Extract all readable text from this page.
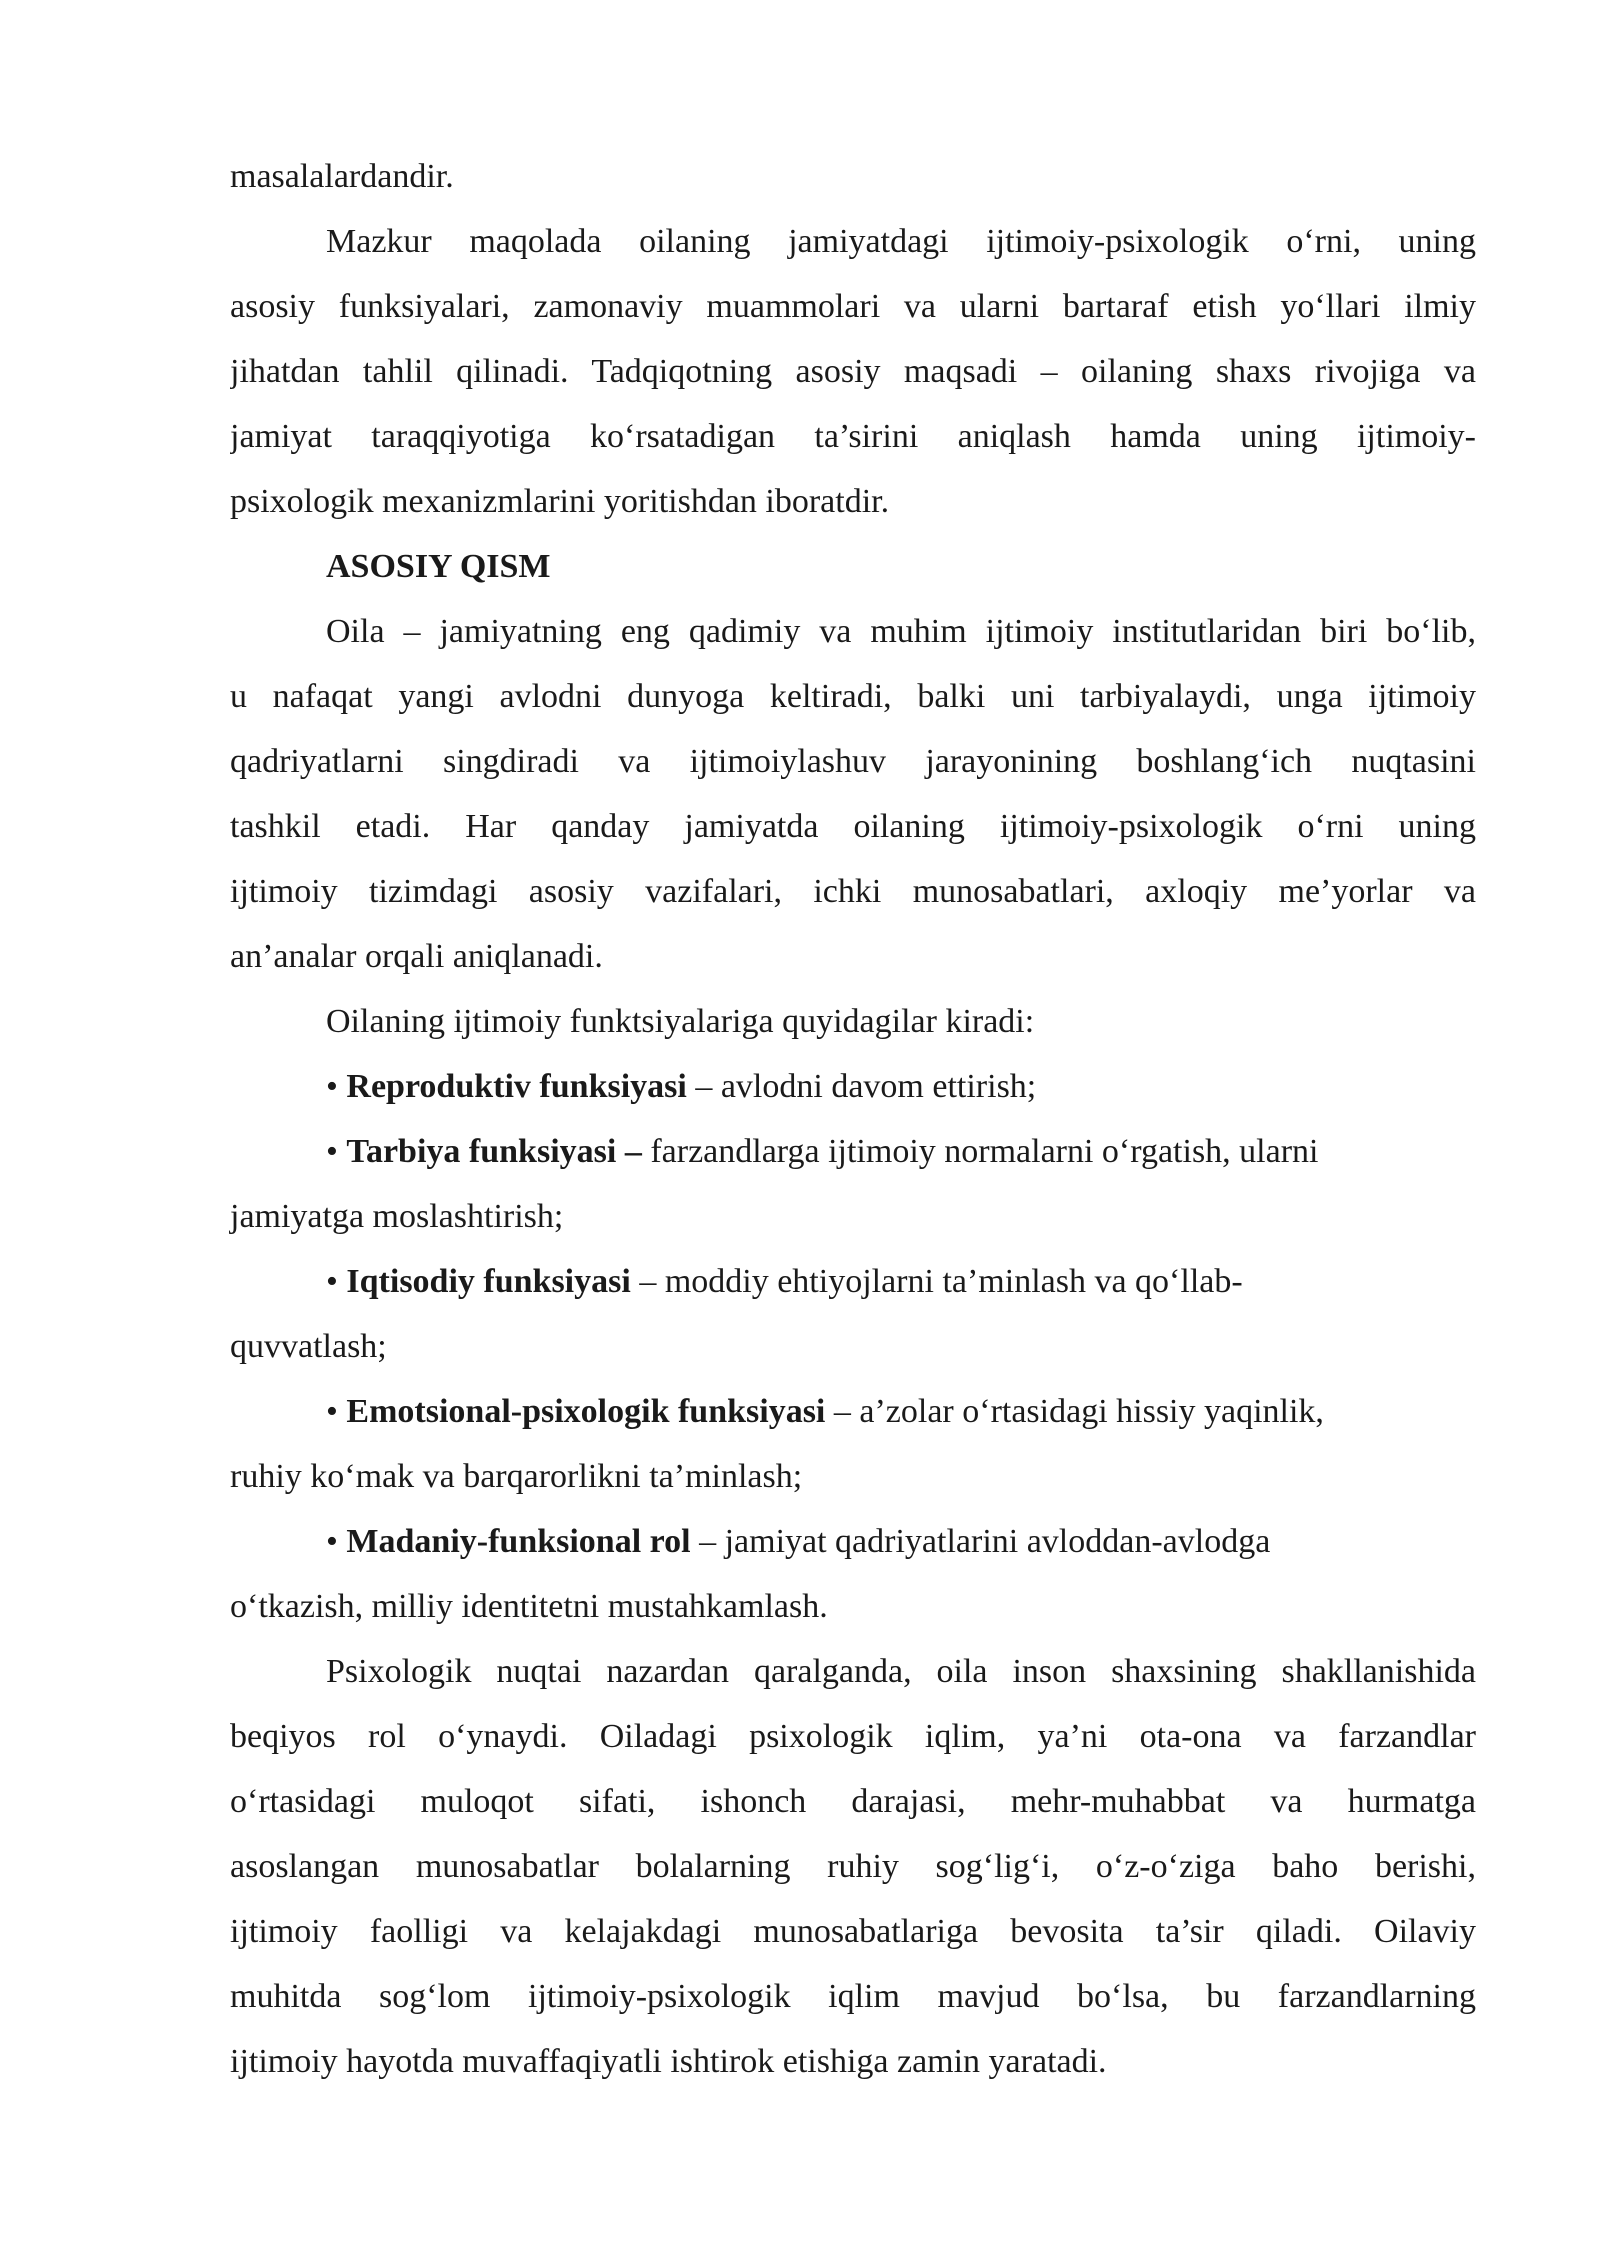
masalalardandir.
Mazkur maqolada oilaning jamiyatdagi ijtimoiy-psixologik o‘rni, uning
asosiy funksiyalari, zamonaviy muammolari va ularni bartaraf etish yo‘llari ilmiy
jihatdan tahlil qilinadi. Tadqiqotning asosiy maqsadi – oilaning shaxs rivojiga va
jamiyat taraqqiyotiga ko‘rsatadigan ta’sirini aniqlash hamda uning ijtimoiy-
psixologik mexanizmlarini yoritishdan iboratdir.
ASOSIY QISM
Oila – jamiyatning eng qadimiy va muhim ijtimoiy institutlaridan biri bo‘lib,
u nafaqat yangi avlodni dunyoga keltiradi, balki uni tarbiyalaydi, unga ijtimoiy
qadriyatlarni singdiradi va ijtimoiylashuv jarayonining boshlang‘ich nuqtasini
tashkil etadi. Har qanday jamiyatda oilaning ijtimoiy-psixologik o‘rni uning
ijtimoiy tizimdagi asosiy vazifalari, ichki munosabatlari, axloqiy me’yorlar va
an’analar orqali aniqlanadi.
Oilaning ijtimoiy funktsiyalariga quyidagilar kiradi:
• Reproduktiv funksiyasi – avlodni davom ettirish;
• Tarbiya funksiyasi – farzandlarga ijtimoiy normalarni o‘rgatish, ularni
jamiyatga moslashtirish;
• Iqtisodiy funksiyasi – moddiy ehtiyojlarni ta’minlash va qo‘llab-
quvvatlash;
• Emotsional-psixologik funksiyasi – a’zolar o‘rtasidagi hissiy yaqinlik,
ruhiy ko‘mak va barqarorlikni ta’minlash;
• Madaniy-funksional rol – jamiyat qadriyatlarini avloddan-avlodga
o‘tkazish, milliy identitetni mustahkamlash.
Psixologik nuqtai nazardan qaralganda, oila inson shaxsining shakllanishida
beqiyos rol o‘ynaydi. Oiladagi psixologik iqlim, ya’ni ota-ona va farzandlar
o‘rtasidagi muloqot sifati, ishonch darajasi, mehr-muhabbat va hurmatga
asoslangan munosabatlar bolalarning ruhiy sog‘lig‘i, o‘z-o‘ziga baho berishi,
ijtimoiy faolligi va kelajakdagi munosabatlariga bevosita ta’sir qiladi. Oilaviy
muhitda sog‘lom ijtimoiy-psixologik iqlim mavjud bo‘lsa, bu farzandlarning
ijtimoiy hayotda muvaffaqiyatli ishtirok etishiga zamin yaratadi.
